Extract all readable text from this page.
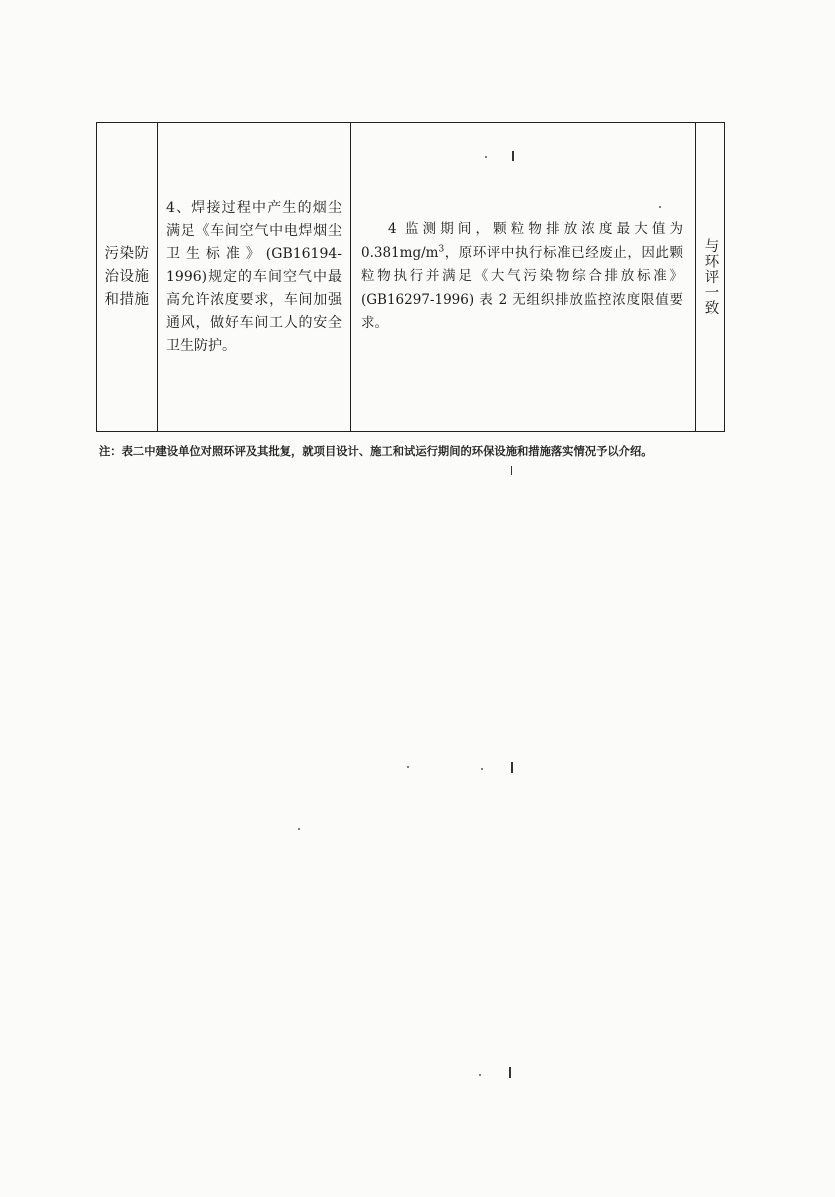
污染防治设施和措施

4、焊接过程中产生的烟尘满足《车间空气中电焊烟尘卫生标准》(GB16194-1996)规定的车间空气中最高允许浓度要求，车间加强通风，做好车间工人的安全卫生防护。

4 监测期间，颗粒物排放浓度最大值为$0.381mg/m^3$，原环评中执行标准已经废止，因此颗粒物执行并满足《大气污染物综合排放标准》(GB16297-1996) 表 2 无组织排放监控浓度限值要求。

与环评一致
注：表二中建设单位对照环评及其批复，就项目设计、施工和试运行期间的环保设施和措施落实情况予以介绍。
